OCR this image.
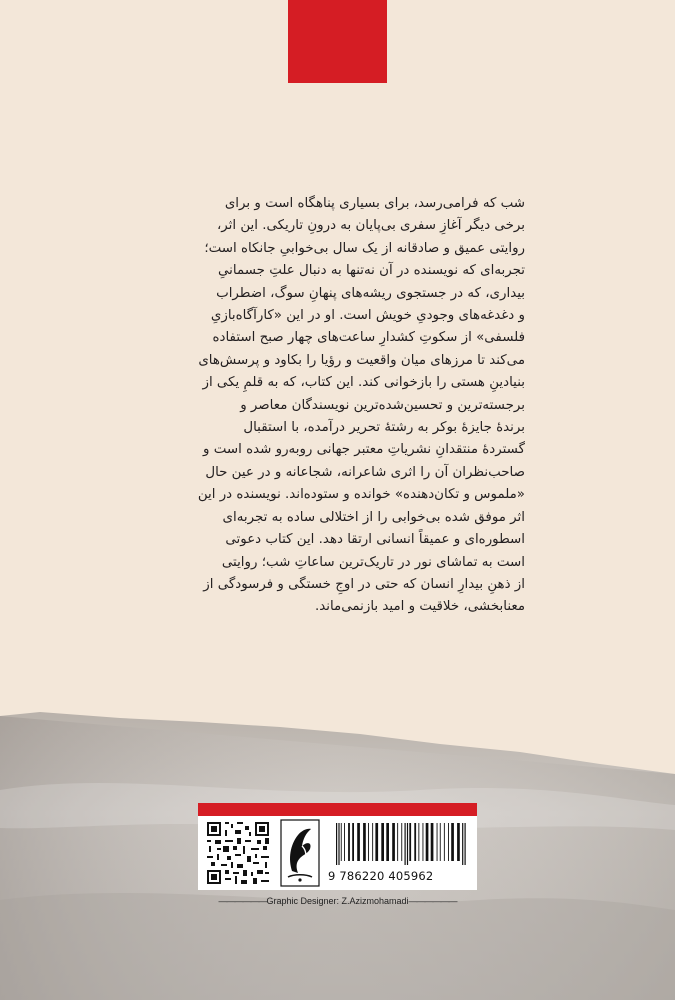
شب که فرامی‌رسد، برای بسیاری پناهگاه است و برای
برخی دیگر آغازِ سفری بی‌پایان به درونِ تاریکی. این اثر،
روایتی عمیق و صادقانه از یک سال بی‌خوابیِ جانکاه است؛
تجربه‌ای که نویسنده در آن نه‌تنها به دنبال علتِ جسمانیِ
بیداری، که در جستجوی ریشه‌های پنهانِ سوگ، اضطراب
و دغدغه‌های وجودیِ خویش است. او در این «کارآگاه‌بازیِ
فلسفی» از سکوتِ کشدارِ ساعت‌های چهار صبح استفاده
می‌کند تا مرزهای میان واقعیت و رؤیا را بکاود و پرسش‌های
بنیادینِ هستی را بازخوانی کند. این کتاب، که به قلمِ یکی از
برجسته‌ترین و تحسین‌شده‌ترین نویسندگان معاصر و
برندهٔ جایزهٔ بوکر به رشتهٔ تحریر درآمده، با استقبال
گستردهٔ منتقدانِ نشریاتِ معتبر جهانی روبه‌رو شده است و
صاحب‌نظران آن را اثری شاعرانه، شجاعانه و در عین حال
«ملموس و تکان‌دهنده» خوانده و ستوده‌اند. نویسنده در این
اثر موفق شده بی‌خوابی را از اختلالی ساده به تجربه‌ای
اسطوره‌ای و عمیقاً انسانی ارتقا دهد. این کتاب دعوتی
است به تماشای نور در تاریک‌ترین ساعاتِ شب؛ روایتی
از ذهنِ بیدارِ انسان که حتی در اوجِ خستگی و فرسودگی از
معنابخشی، خلاقیت و امید بازنمی‌ماند.

9 786220 405962
——————Graphic Designer: Z.Azizmohamadi——————
